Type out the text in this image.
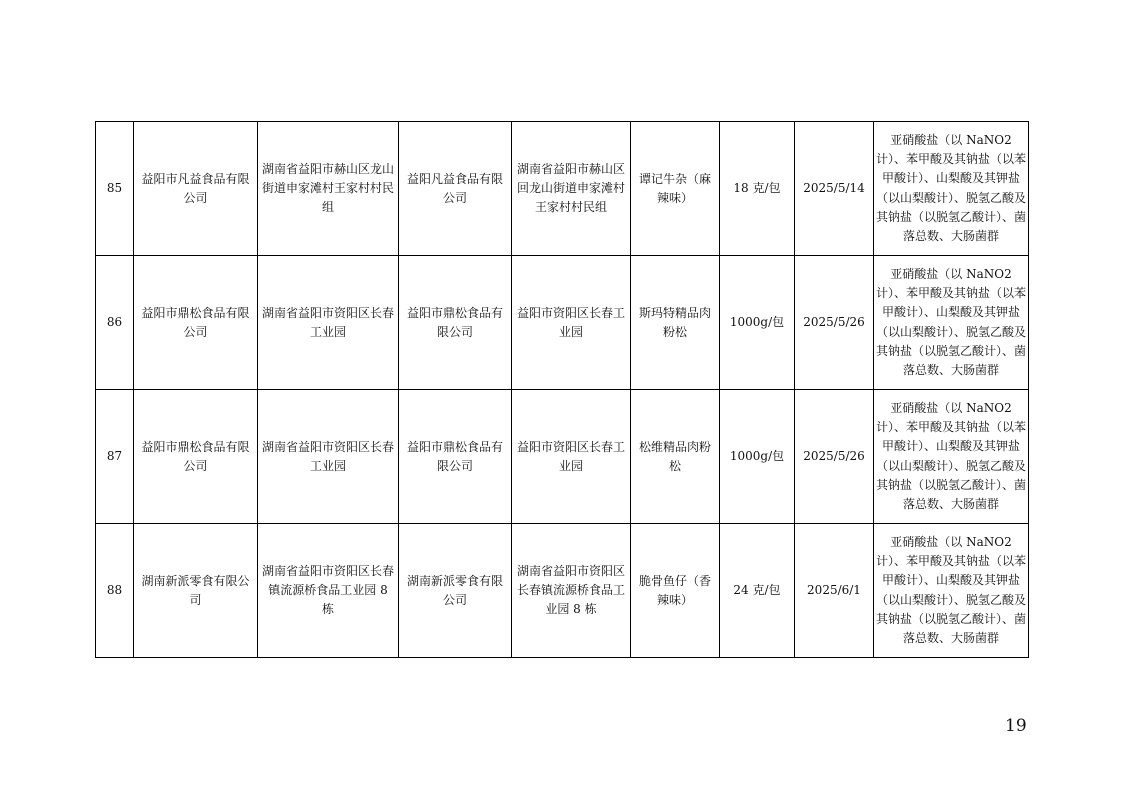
85	益阳市凡益食品有限公司	湖南省益阳市赫山区龙山街道申家滩村王家村村民组	益阳凡益食品有限公司	湖南省益阳市赫山区回龙山街道申家滩村王家村村民组	谭记牛杂（麻辣味）	18 克/包	2025/5/14	亚硝酸盐（以 NaNO2 计）、苯甲酸及其钠盐（以苯甲酸计）、山梨酸及其钾盐（以山梨酸计）、脱氢乙酸及其钠盐（以脱氢乙酸计）、菌落总数、大肠菌群
86	益阳市鼎松食品有限公司	湖南省益阳市资阳区长春工业园	益阳市鼎松食品有限公司	益阳市资阳区长春工业园	斯玛特精品肉粉松	1000g/包	2025/5/26	亚硝酸盐（以 NaNO2 计）、苯甲酸及其钠盐（以苯甲酸计）、山梨酸及其钾盐（以山梨酸计）、脱氢乙酸及其钠盐（以脱氢乙酸计）、菌落总数、大肠菌群
87	益阳市鼎松食品有限公司	湖南省益阳市资阳区长春工业园	益阳市鼎松食品有限公司	益阳市资阳区长春工业园	松维精品肉粉松	1000g/包	2025/5/26	亚硝酸盐（以 NaNO2 计）、苯甲酸及其钠盐（以苯甲酸计）、山梨酸及其钾盐（以山梨酸计）、脱氢乙酸及其钠盐（以脱氢乙酸计）、菌落总数、大肠菌群
88	湖南新派零食有限公司	湖南省益阳市资阳区长春镇流源桥食品工业园 8 栋	湖南新派零食有限公司	湖南省益阳市资阳区长春镇流源桥食品工业园 8 栋	脆骨鱼仔（香辣味）	24 克/包	2025/6/1	亚硝酸盐（以 NaNO2 计）、苯甲酸及其钠盐（以苯甲酸计）、山梨酸及其钾盐（以山梨酸计）、脱氢乙酸及其钠盐（以脱氢乙酸计）、菌落总数、大肠菌群
19
